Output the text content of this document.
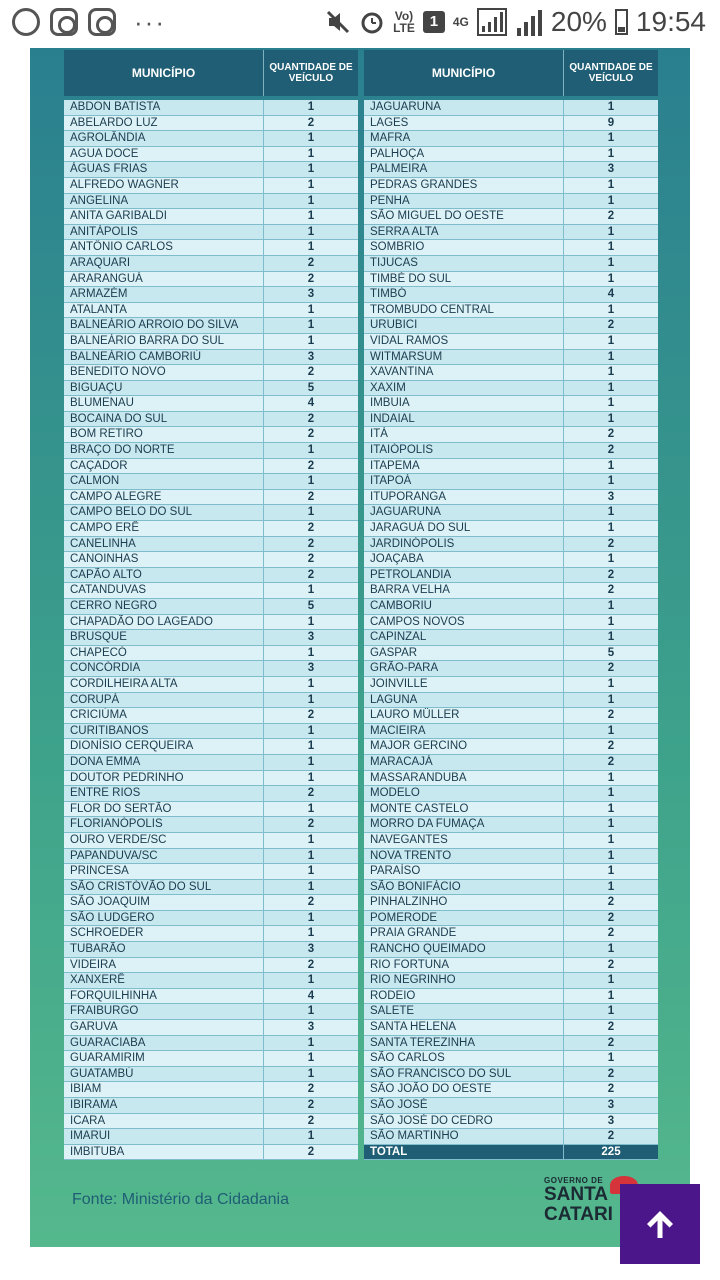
···	Vo)
LTE 1	4G	20% 19:54
MUNICÍPIO	QUANTIDADE DE VEÍCULO
ABDON BATISTA	1
ABELARDO LUZ	2
AGROLÂNDIA	1
AGUA DOCE	1
ÁGUAS FRIAS	1
ALFREDO WAGNER	1
ANGELINA	1
ANITA GARIBALDI	1
ANITÁPOLIS	1
ANTÔNIO CARLOS	1
ARAQUARI	2
ARARANGUÁ	2
ARMAZÉM	3
ATALANTA	1
BALNEÁRIO ARROIO DO SILVA	1
BALNEÁRIO BARRA DO SUL	1
BALNEÁRIO CAMBORIÚ	3
BENEDITO NOVO	2
BIGUAÇU	5
BLUMENAU	4
BOCAINA DO SUL	2
BOM RETIRO	2
BRAÇO DO NORTE	1
CAÇADOR	2
CALMON	1
CAMPO ALEGRE	2
CAMPO BELO DO SUL	1
CAMPO ERÊ	2
CANELINHA	2
CANOINHAS	2
CAPÃO ALTO	2
CATANDUVAS	1
CERRO NEGRO	5
CHAPADÃO DO LAGEADO	1
BRUSQUE	3
CHAPECÓ	1
CONCÓRDIA	3
CORDILHEIRA ALTA	1
CORUPÁ	1
CRICIÚMA	2
CURITIBANOS	1
DIONÍSIO CERQUEIRA	1
DONA EMMA	1
DOUTOR PEDRINHO	1
ENTRE RIOS	2
FLOR DO SERTÃO	1
FLORIANÓPOLIS	2
OURO VERDE/SC	1
PAPANDUVA/SC	1
PRINCESA	1
SÃO CRISTÓVÃO DO SUL	1
SÃO JOAQUIM	2
SÃO LUDGERO	1
SCHROEDER	1
TUBARÃO	3
VIDEIRA	2
XANXERÊ	1
FORQUILHINHA	4
FRAIBURGO	1
GARUVA	3
GUARACIABA	1
GUARAMIRIM	1
GUATAMBÚ	1
IBIAM	2
IBIRAMA	2
ICARA	2
IMARUI	1
IMBITUBA	2
MUNICÍPIO	QUANTIDADE DE VEÍCULO
JAGUARUNA	1
LAGES	9
MAFRA	1
PALHOÇA	1
PALMEIRA	3
PEDRAS GRANDES	1
PENHA	1
SÃO MIGUEL DO OESTE	2
SERRA ALTA	1
SOMBRIO	1
TIJUCAS	1
TIMBÉ DO SUL	1
TIMBÓ	4
TROMBUDO CENTRAL	1
URUBICI	2
VIDAL RAMOS	1
WITMARSUM	1
XAVANTINA	1
XAXIM	1
IMBUIA	1
INDAIAL	1
ITÁ	2
ITAIÓPOLIS	2
ITAPEMA	1
ITAPOÁ	1
ITUPORANGA	3
JAGUARUNA	1
JARAGUÁ DO SUL	1
JARDINÓPOLIS	2
JOAÇABA	1
PETROLANDIA	2
BARRA VELHA	2
CAMBORIU	1
CAMPOS NOVOS	1
CAPINZAL	1
GASPAR	5
GRÃO-PARA	2
JOINVILLE	1
LAGUNA	1
LAURO MÜLLER	2
MACIEIRA	1
MAJOR GERCINO	2
MARACAJÁ	2
MASSARANDUBA	1
MODELO	1
MONTE CASTELO	1
MORRO DA FUMAÇA	1
NAVEGANTES	1
NOVA TRENTO	1
PARAÍSO	1
SÃO BONIFÁCIO	1
PINHALZINHO	2
POMERODE	2
PRAIA GRANDE	2
RANCHO QUEIMADO	1
RIO FORTUNA	2
RIO NEGRINHO	1
RODEIO	1
SALETE	1
SANTA HELENA	2
SANTA TEREZINHA	2
SÃO CARLOS	1
SÃO FRANCISCO DO SUL	2
SÃO JOÃO DO OESTE	2
SÃO JOSÉ	3
SÃO JOSÉ DO CEDRO	3
SÃO MARTINHO	2
TOTAL	225
Fonte: Ministério da Cidadania
GOVERNO DE
SANTA
CATARI
